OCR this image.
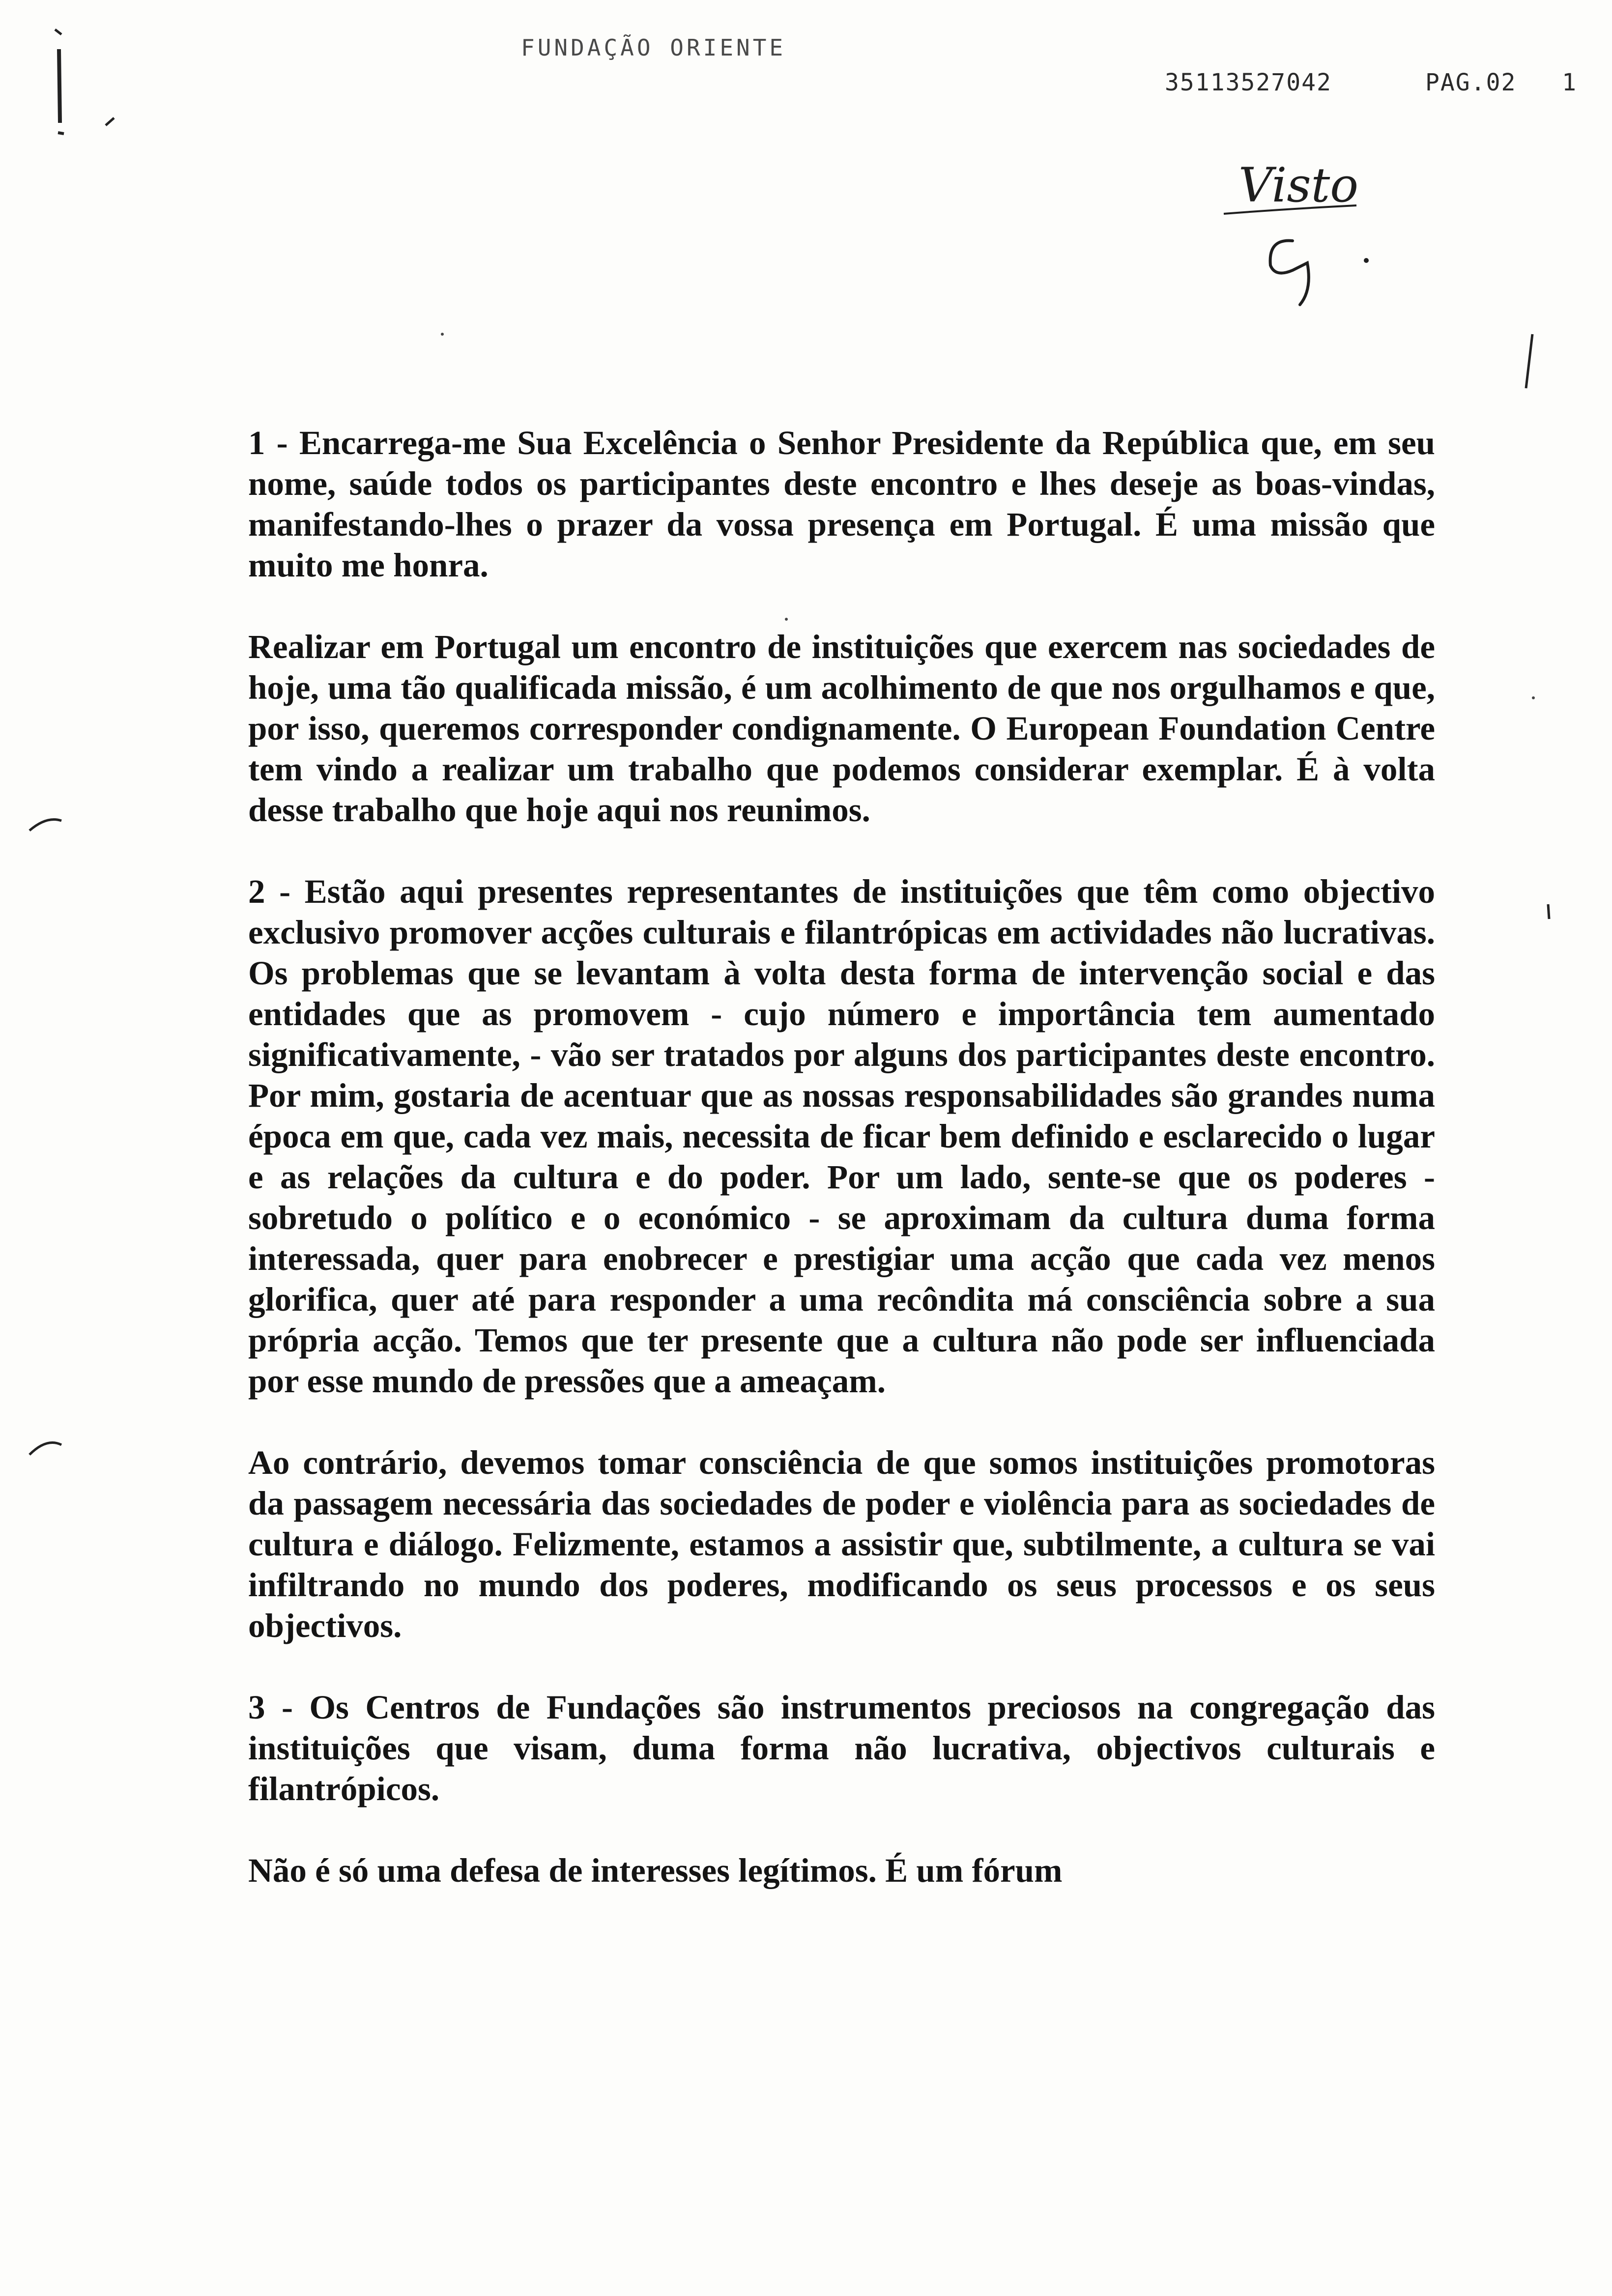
FUNDAÇÃO ORIENTE
35113527042	PAG.02 1
Visto

1 - Encarrega-me Sua Excelência o Senhor Presidente da República que, em seu nome, saúde todos os participantes deste encontro e lhes deseje as boas-vindas, manifestando-lhes o prazer da vossa presença em Portugal. É uma missão que muito me honra.

Realizar em Portugal um encontro de instituições que exercem nas sociedades de hoje, uma tão qualificada missão, é um acolhimento de que nos orgulhamos e que, por isso, queremos corresponder condignamente. O European Foundation Centre tem vindo a realizar um trabalho que podemos considerar exemplar. É à volta desse trabalho que hoje aqui nos reunimos.

2 - Estão aqui presentes representantes de instituições que têm como objectivo exclusivo promover acções culturais e filantrópicas em actividades não lucrativas. Os problemas que se levantam à volta desta forma de intervenção social e das entidades que as promovem - cujo número e importância tem aumentado significativamente, - vão ser tratados por alguns dos participantes deste encontro. Por mim, gostaria de acentuar que as nossas responsabilidades são grandes numa época em que, cada vez mais, necessita de ficar bem definido e esclarecido o lugar e as relações da cultura e do poder. Por um lado, sente-se que os poderes - sobretudo o político e o económico - se aproximam da cultura duma forma interessada, quer para enobrecer e prestigiar uma acção que cada vez menos glorifica, quer até para responder a uma recôndita má consciência sobre a sua própria acção. Temos que ter presente que a cultura não pode ser influenciada por esse mundo de pressões que a ameaçam.

Ao contrário, devemos tomar consciência de que somos instituições promotoras da passagem necessária das sociedades de poder e violência para as sociedades de cultura e diálogo. Felizmente, estamos a assistir que, subtilmente, a cultura se vai infiltrando no mundo dos poderes, modificando os seus processos e os seus objectivos.

3 - Os Centros de Fundações são instrumentos preciosos na congregação das instituições que visam, duma forma não lucrativa, objectivos culturais e filantrópicos.

Não é só uma defesa de interesses legítimos. É um fórum
